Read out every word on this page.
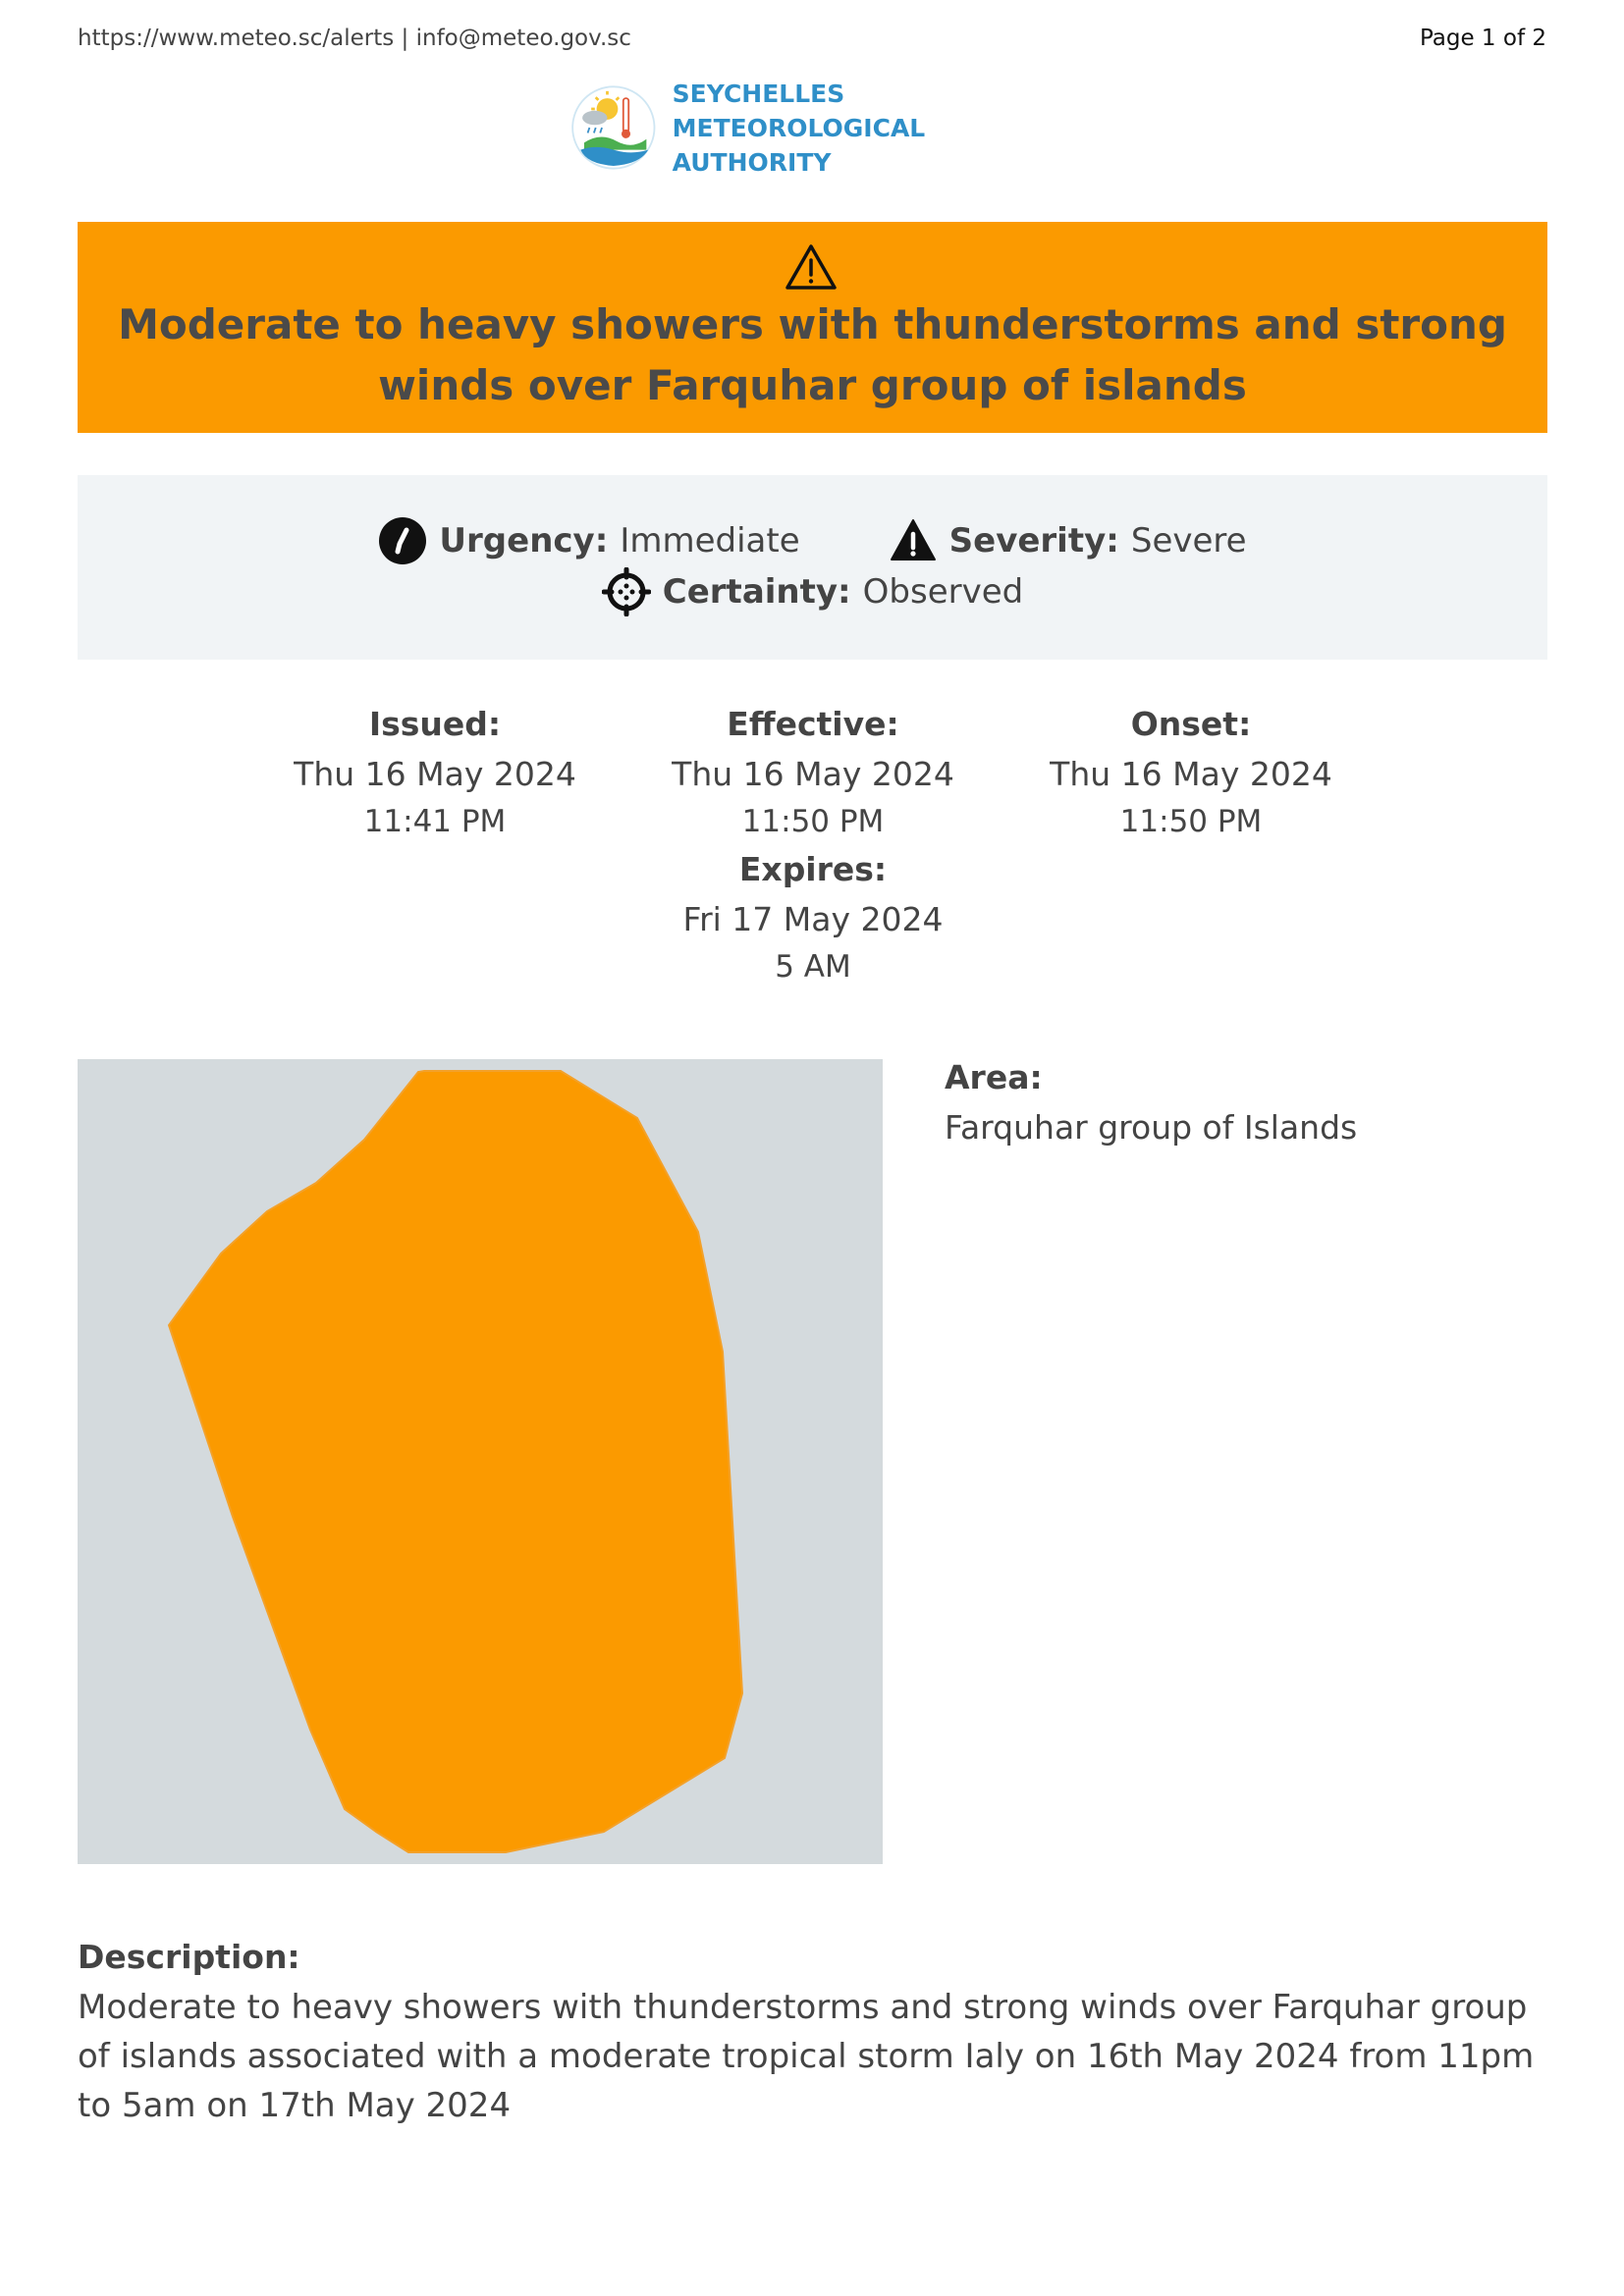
https://www.meteo.sc/alerts | info@meteo.gov.sc	Page 1 of 2
SEYCHELLES METEOROLOGICAL
AUTHORITY
Moderate to heavy showers with thunderstorms and strong winds over Farquhar group of islands
Urgency: Immediate	Severity: Severe
Certainty: Observed
Issued:
Thu 16 May 2024
11:41 PM
Effective:
Thu 16 May 2024
11:50 PM
Onset:
Thu 16 May 2024
11:50 PM
Expires:
Fri 17 May 2024
5 AM
Area:
Farquhar group of Islands
Description:
Moderate to heavy showers with thunderstorms and strong winds over Farquhar group of islands associated with a moderate tropical storm Ialy on 16th May 2024 from 11pm to 5am on 17th May 2024
